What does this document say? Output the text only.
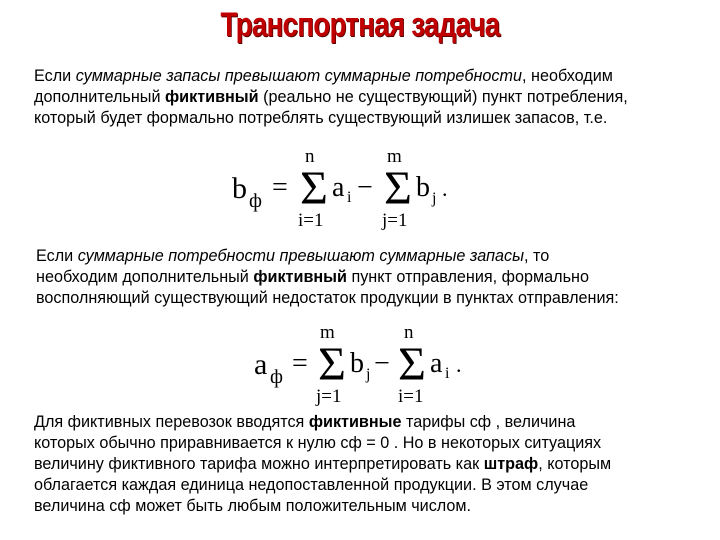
Транспортная задача
Если суммарные запасы превышают суммарные потребности, необходим
дополнительный фиктивный (реально не существующий) пункт потребления,
который будет формально потреблять существующий излишек запасов, т.е.
b ф =
n
Σ
i=1
a i −
m
Σ
j=1
b j .
Если суммарные потребности превышают суммарные запасы, то
необходим дополнительный фиктивный пункт отправления, формально
восполняющий существующий недостаток продукции в пунктах отправления:
a ф =
m
Σ
j=1
b j −
n
Σ
i=1
a i .
Для фиктивных перевозок вводятся фиктивные тарифы сф , величина
которых обычно приравнивается к нулю сф = 0 . Но в некоторых ситуациях
величину фиктивного тарифа можно интерпретировать как штраф, которым
облагается каждая единица недопоставленной продукции. В этом случае
величина сф может быть любым положительным числом.
